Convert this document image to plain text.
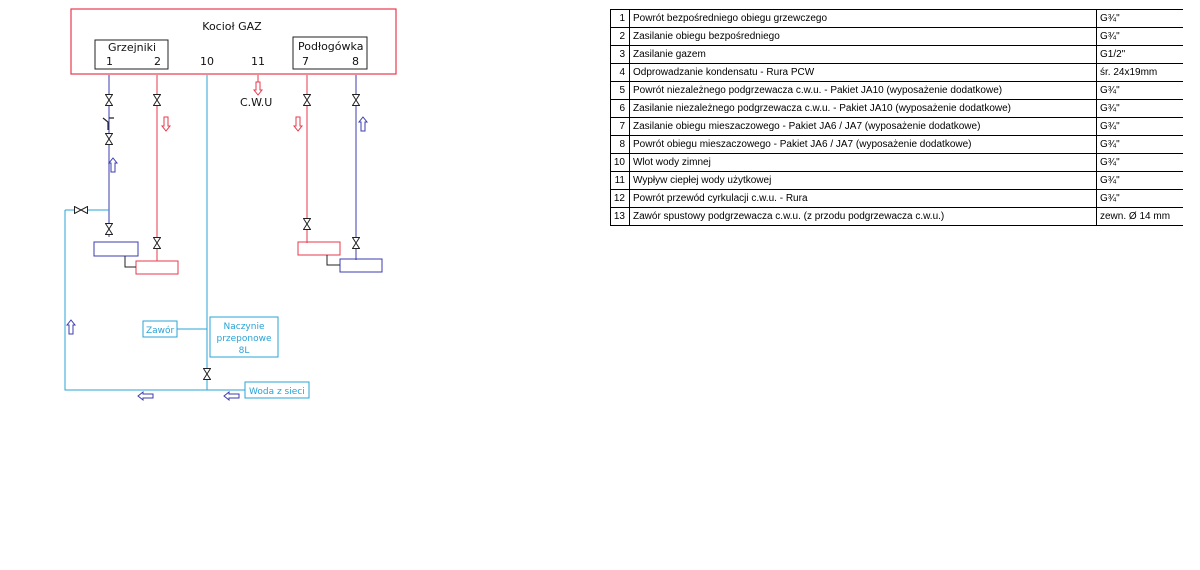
Kocioł GAZ
Grzejniki	Podłogówka
1	2	10	11	7	8
C.W.U
Zawór	Naczynie
przeponowe
8L
Woda z sieci
1	Powrót bezpośredniego obiegu grzewczego	G¾"
2	Zasilanie obiegu bezpośredniego	G¾"
3	Zasilanie gazem	G1/2"
4	Odprowadzanie kondensatu - Rura PCW	śr. 24x19mm
5	Powrót niezależnego podgrzewacza c.w.u. - Pakiet JA10 (wyposażenie dodatkowe)	G¾"
6	Zasilanie niezależnego podgrzewacza c.w.u. - Pakiet JA10 (wyposażenie dodatkowe)	G¾"
7	Zasilanie obiegu mieszaczowego - Pakiet JA6 / JA7 (wyposażenie dodatkowe)	G¾"
8	Powrót obiegu mieszaczowego - Pakiet JA6 / JA7 (wyposażenie dodatkowe)	G¾"
10	Wlot wody zimnej	G¾"
11	Wypływ ciepłej wody użytkowej	G¾"
12	Powrót przewód cyrkulacji c.w.u. - Rura	G¾"
13	Zawór spustowy podgrzewacza c.w.u. (z przodu podgrzewacza c.w.u.)	zewn. Ø 14 mm
